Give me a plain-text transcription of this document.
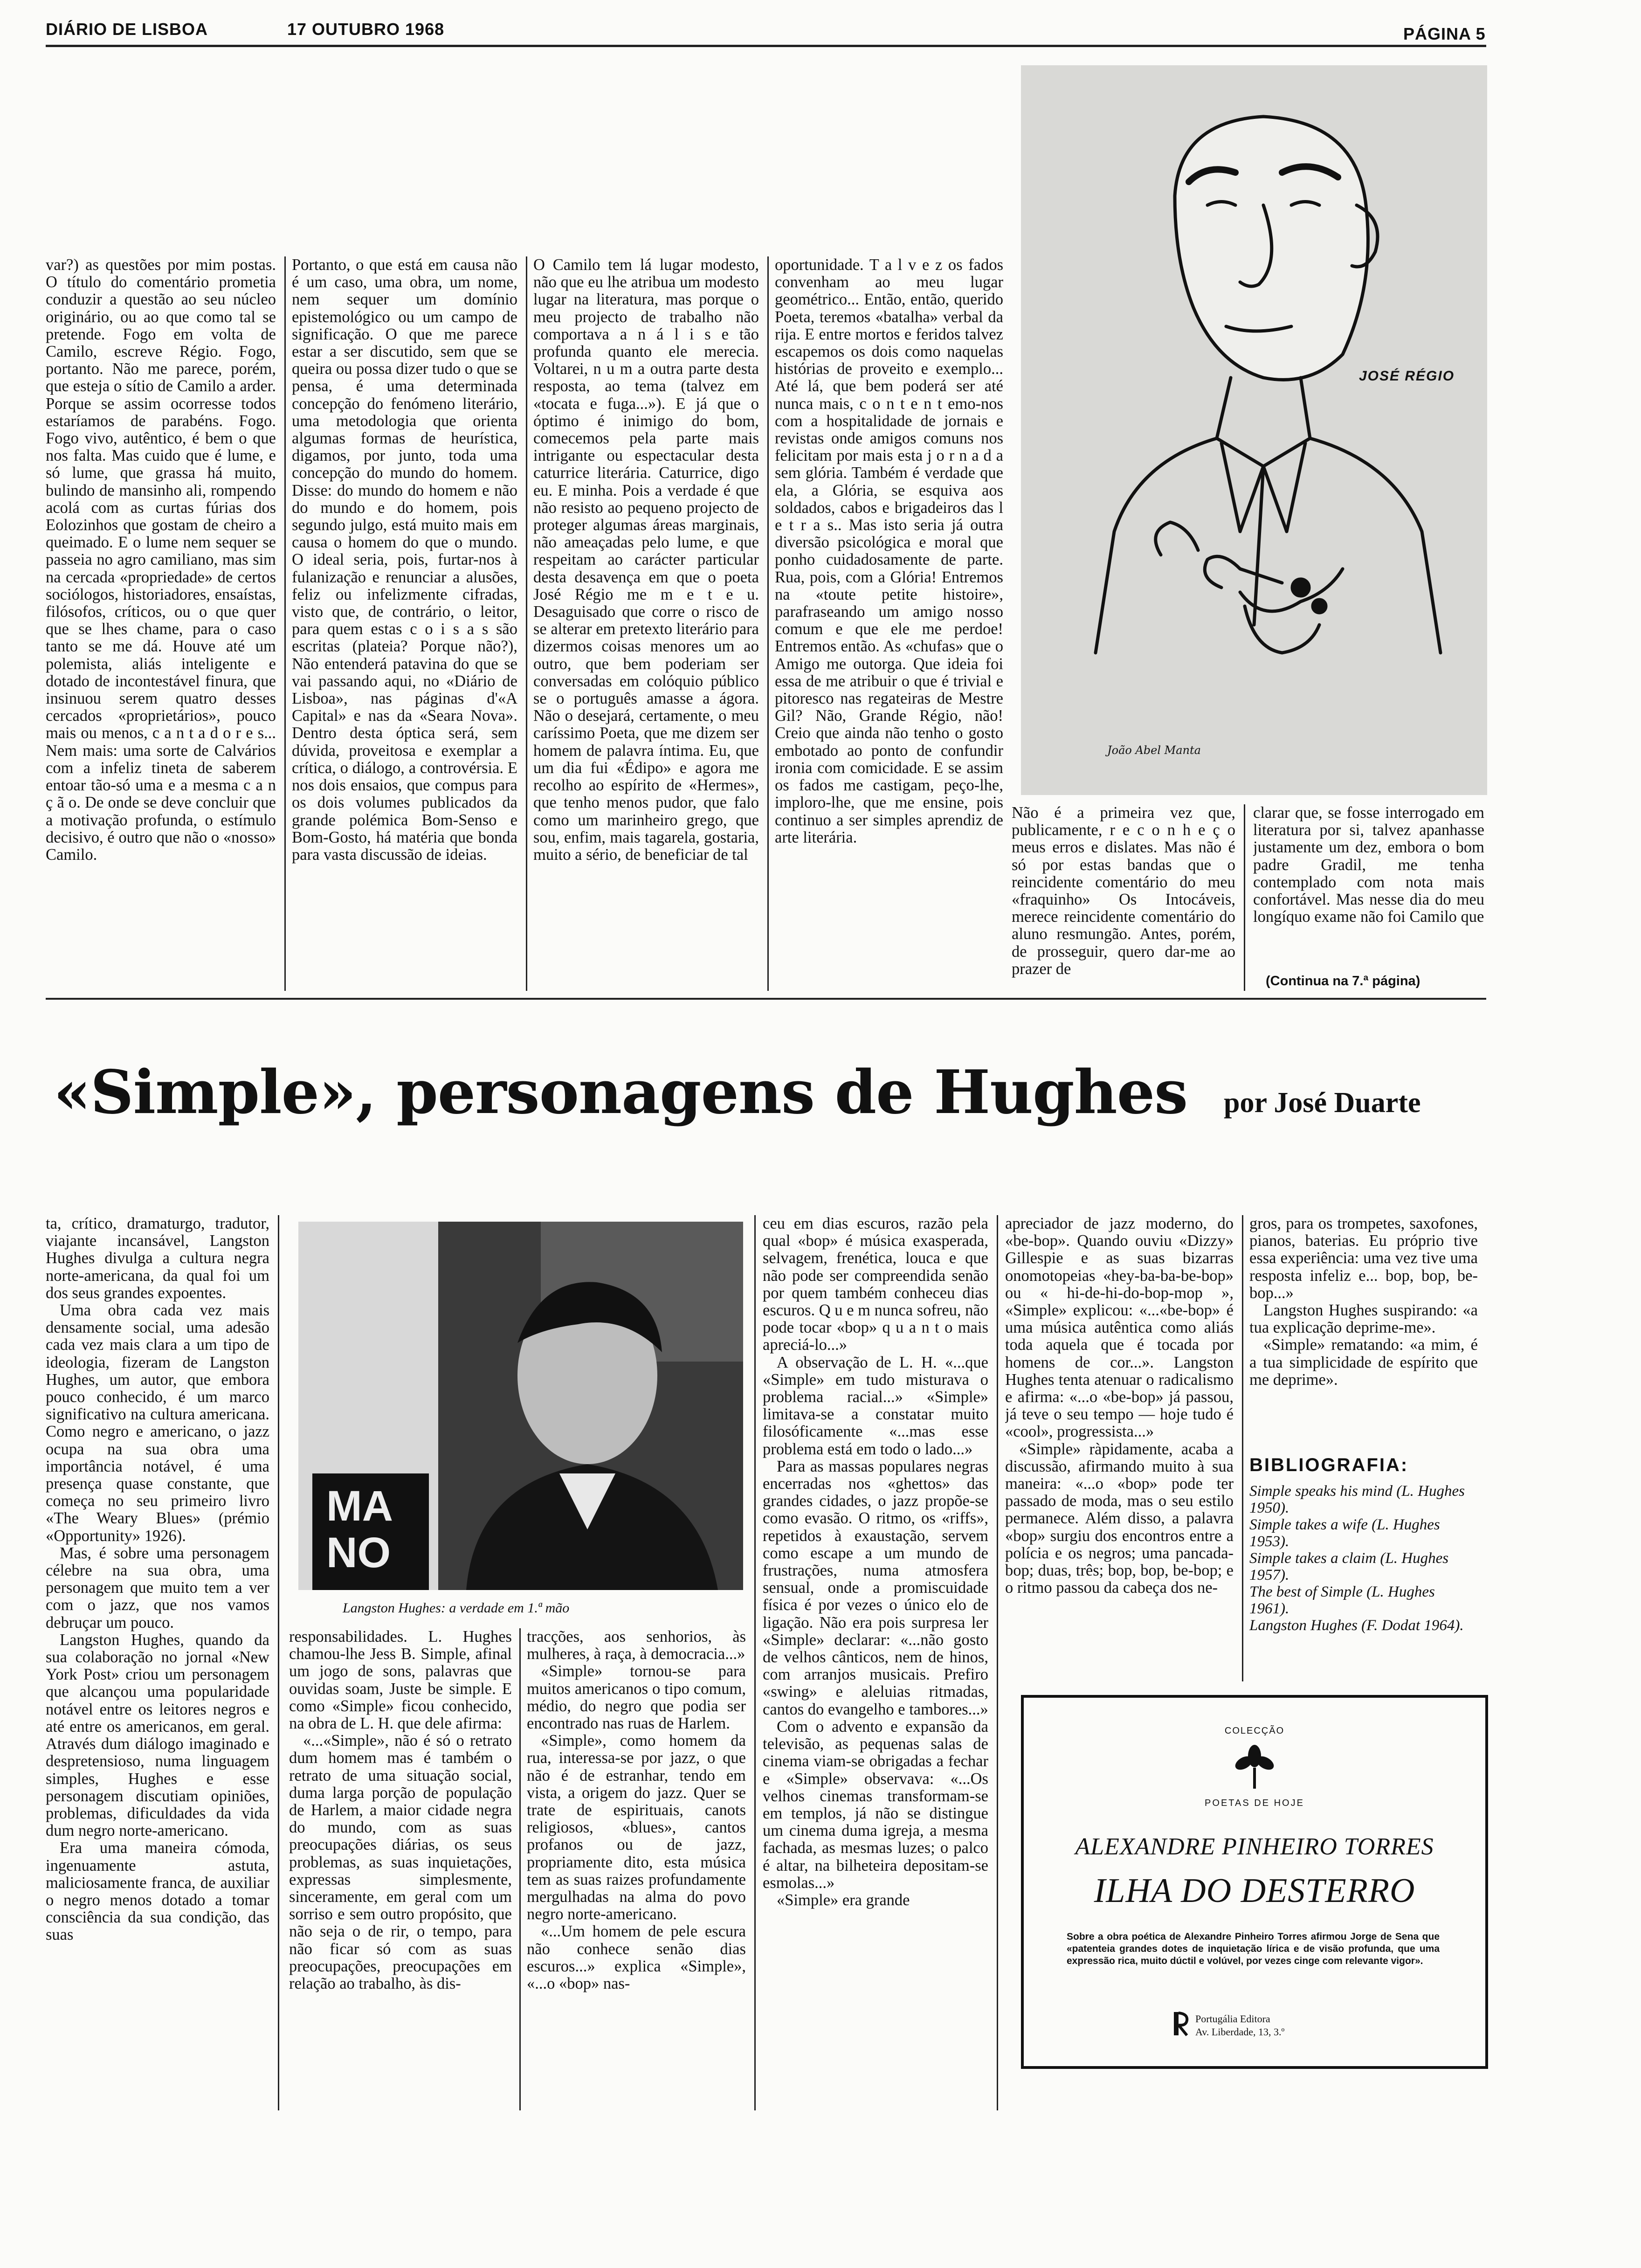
DIÁRIO DE LISBOA	17 OUTUBRO 1968	PÁGINA 5

var?) as questões por mim postas. O título do comentário prometia conduzir a questão ao seu núcleo originário, ou ao que como tal se pretende. Fogo em volta de Camilo, escreve Régio. Fogo, portanto. Não me parece, porém, que esteja o sítio de Camilo a arder. Porque se assim ocorresse todos estaríamos de parabéns. Fogo. Fogo vivo, autêntico, é bem o que nos falta. Mas cuido que é lume, e só lume, que grassa há muito, bulindo de mansinho ali, rompendo acolá com as curtas fúrias dos Eolozinhos que gostam de cheiro a queimado. E o lume nem sequer se passeia no agro camiliano, mas sim na cercada «propriedade» de certos sociólogos, historiadores, ensaístas, filósofos, críticos, ou o que quer que se lhes chame, para o caso tanto se me dá. Houve até um polemista, aliás inteligente e dotado de incontestável finura, que insinuou serem quatro desses cercados «proprietários», pouco mais ou menos, c a n t a d o r e s... Nem mais: uma sorte de Calvários com a infeliz tineta de saberem entoar tão-só uma e a mesma c a n ç ã o. De onde se deve concluir que a motivação profunda, o estímulo decisivo, é outro que não o «nosso» Camilo.

Portanto, o que está em causa não é um caso, uma obra, um nome, nem sequer um domínio epistemológico ou um campo de significação. O que me parece estar a ser discutido, sem que se queira ou possa dizer tudo o que se pensa, é uma determinada concepção do fenómeno literário, uma metodologia que orienta algumas formas de heurística, digamos, por junto, toda uma concepção do mundo do homem. Disse: do mundo do homem e não do mundo e do homem, pois segundo julgo, está muito mais em causa o homem do que o mundo. O ideal seria, pois, furtar-nos à fulanização e renunciar a alusões, feliz ou infelizmente cifradas, visto que, de contrário, o leitor, para quem estas c o i s a s são escritas (plateia? Porque não?), Não entenderá patavina do que se vai passando aqui, no «Diário de Lisboa», nas páginas d'«A Capital» e nas da «Seara Nova». Dentro desta óptica será, sem dúvida, proveitosa e exemplar a crítica, o diálogo, a controvérsia. E nos dois ensaios, que compus para os dois volumes publicados da grande polémica Bom-Senso e Bom-Gosto, há matéria que bonda para vasta discussão de ideias.

O Camilo tem lá lugar modesto, não que eu lhe atribua um modesto lugar na literatura, mas porque o meu projecto de trabalho não comportava a n á l i s e tão profunda quanto ele merecia. Voltarei, n u m a outra parte desta resposta, ao tema (talvez em «tocata e fuga...»). E já que o óptimo é inimigo do bom, comecemos pela parte mais intrigante ou espectacular desta caturrice literária. Caturrice, digo eu. E minha. Pois a verdade é que não resisto ao pequeno projecto de proteger algumas áreas marginais, não ameaçadas pelo lume, e que respeitam ao carácter particular desta desavença em que o poeta José Régio me m e t e u. Desaguisado que corre o risco de se alterar em pretexto literário para dizermos coisas menores um ao outro, que bem poderiam ser conversadas em colóquio público se o português amasse a ágora. Não o desejará, certamente, o meu caríssimo Poeta, que me dizem ser homem de palavra íntima. Eu, que um dia fui «Édipo» e agora me recolho ao espírito de «Hermes», que tenho menos pudor, que falo como um marinheiro grego, que sou, enfim, mais tagarela, gostaria, muito a sério, de beneficiar de tal

oportunidade. T a l v e z os fados convenham ao meu lugar geométrico... Então, então, querido Poeta, teremos «batalha» verbal da rija. E entre mortos e feridos talvez escapemos os dois como naquelas histórias de proveito e exemplo... Até lá, que bem poderá ser até nunca mais, c o n t e n t emo-nos com a hospitalidade de jornais e revistas onde amigos comuns nos felicitam por mais esta j o r n a d a sem glória. Também é verdade que ela, a Glória, se esquiva aos soldados, cabos e brigadeiros das l e t r a s.. Mas isto seria já outra diversão psicológica e moral que ponho cuidadosamente de parte. Rua, pois, com a Glória! Entremos na «toute petite histoire», parafraseando um amigo nosso comum e que ele me perdoe! Entremos então. As «chufas» que o Amigo me outorga. Que ideia foi essa de me atribuir o que é trivial e pitoresco nas regateiras de Mestre Gil? Não, Grande Régio, não! Creio que ainda não tenho o gosto embotado ao ponto de confundir ironia com comicidade. E se assim os fados me castigam, peço-lhe, imploro-lhe, que me ensine, pois continuo a ser simples aprendiz de arte literária.

JOSÉ RÉGIO
João Abel Manta

Não é a primeira vez que, publicamente, r e c o n h e ç o meus erros e dislates. Mas não é só por estas bandas que o reincidente comentário do meu «fraquinho» Os Intocáveis, merece reincidente comentário do aluno resmungão. Antes, porém, de prosseguir, quero dar-me ao prazer de

clarar que, se fosse interrogado em literatura por si, talvez apanhasse justamente um dez, embora o bom padre Gradil, me tenha contemplado com nota mais confortável. Mas nesse dia do meu longíquo exame não foi Camilo que

(Continua na 7.ª página)
«Simple», personagens de Hughes por José Duarte

ta, crítico, dramaturgo, tradutor, viajante incansável, Langston Hughes divulga a cultura negra norte-americana, da qual foi um dos seus grandes expoentes.

Uma obra cada vez mais densamente social, uma adesão cada vez mais clara a um tipo de ideologia, fizeram de Langston Hughes, um autor, que embora pouco conhecido, é um marco significativo na cultura americana. Como negro e americano, o jazz ocupa na sua obra uma importância notável, é uma presença quase constante, que começa no seu primeiro livro «The Weary Blues» (prémio «Opportunity» 1926).

Mas, é sobre uma personagem célebre na sua obra, uma personagem que muito tem a ver com o jazz, que nos vamos debruçar um pouco.

Langston Hughes, quando da sua colaboração no jornal «New York Post» criou um personagem que alcançou uma popularidade notável entre os leitores negros e até entre os americanos, em geral. Através dum diálogo imaginado e despretensioso, numa linguagem simples, Hughes e esse personagem discutiam opiniões, problemas, dificuldades da vida dum negro norte-americano.

Era uma maneira cómoda, ingenuamente astuta, maliciosamente franca, de auxiliar o negro menos dotado a tomar consciência da sua condição, das suas

MA NO
Langston Hughes: a verdade em 1.ª mão

responsabilidades. L. Hughes chamou-lhe Jess B. Simple, afinal um jogo de sons, palavras que ouvidas soam, Juste be simple. E como «Simple» ficou conhecido, na obra de L. H. que dele afirma:

«...«Simple», não é só o retrato dum homem mas é também o retrato de uma situação social, duma larga porção de população de Harlem, a maior cidade negra do mundo, com as suas preocupações diárias, os seus problemas, as suas inquietações, expressas simplesmente, sinceramente, em geral com um sorriso e sem outro propósito, que não seja o de rir, o tempo, para não ficar só com as suas preocupações, preocupações em relação ao trabalho, às dis-

tracções, aos senhorios, às mulheres, à raça, à democracia...»

«Simple» tornou-se para muitos americanos o tipo comum, médio, do negro que podia ser encontrado nas ruas de Harlem.

«Simple», como homem da rua, interessa-se por jazz, o que não é de estranhar, tendo em vista, a origem do jazz. Quer se trate de espirituais, canots religiosos, «blues», cantos profanos ou de jazz, propriamente dito, esta música tem as suas raizes profundamente mergulhadas na alma do povo negro norte-americano.

«...Um homem de pele escura não conhece senão dias escuros...» explica «Simple», «...o «bop» nas-

ceu em dias escuros, razão pela qual «bop» é música exasperada, selvagem, frenética, louca e que não pode ser compreendida senão por quem também conheceu dias escuros. Q u e m nunca sofreu, não pode tocar «bop» q u a n t o mais apreciá-lo...»

A observação de L. H. «...que «Simple» em tudo misturava o problema racial...» «Simple» limitava-se a constatar muito filosóficamente «...mas esse problema está em todo o lado...»

Para as massas populares negras encerradas nos «ghettos» das grandes cidades, o jazz propõe-se como evasão. O ritmo, os «riffs», repetidos à exaustação, servem como escape a um mundo de frustrações, numa atmosfera sensual, onde a promiscuidade física é por vezes o único elo de ligação. Não era pois surpresa ler «Simple» declarar: «...não gosto de velhos cânticos, nem de hinos, com arranjos musicais. Prefiro «swing» e aleluias ritmadas, cantos do evangelho e tambores...»

Com o advento e expansão da televisão, as pequenas salas de cinema viam-se obrigadas a fechar e «Simple» observava: «...Os velhos cinemas transformam-se em templos, já não se distingue um cinema duma igreja, a mesma fachada, as mesmas luzes; o palco é altar, na bilheteira depositam-se esmolas...»

«Simple» era grande

apreciador de jazz moderno, do «be-bop». Quando ouviu «Dizzy» Gillespie e as suas bizarras onomotopeias «hey-ba-ba-be-bop» ou « hi-de-hi-do-bop-mop », «Simple» explicou: «...«be-bop» é uma música autêntica como aliás toda aquela que é tocada por homens de cor...». Langston Hughes tenta atenuar o radicalismo e afirma: «...o «be-bop» já passou, já teve o seu tempo — hoje tudo é «cool», progressista...»

«Simple» ràpidamente, acaba a discussão, afirmando muito à sua maneira: «...o «bop» pode ter passado de moda, mas o seu estilo permanece. Além disso, a palavra «bop» surgiu dos encontros entre a polícia e os negros; uma pancada-bop; duas, três; bop, bop, be-bop; e o ritmo passou da cabeça dos ne-

gros, para os trompetes, saxofones, pianos, baterias. Eu próprio tive essa experiência: uma vez tive uma resposta infeliz e... bop, bop, be-bop...»

Langston Hughes suspirando: «a tua explicação deprime-me».

«Simple» rematando: «a mim, é a tua simplicidade de espírito que me deprime».

BIBLIOGRAFIA:
Simple speaks his mind (L. Hughes 1950).
Simple takes a wife (L. Hughes 1953).
Simple takes a claim (L. Hughes 1957).
The best of Simple (L. Hughes 1961).
Langston Hughes (F. Dodat 1964).
COLECÇÃO
POETAS DE HOJE
ALEXANDRE PINHEIRO TORRES
ILHA DO DESTERRO
Sobre a obra poética de Alexandre Pinheiro Torres afirmou Jorge de Sena que «patenteia grandes dotes de inquietação lírica e de visão profunda, que uma expressão rica, muito dúctil e volúvel, por vezes cinge com relevante vigor».
Portugália Editora
Av. Liberdade, 13, 3.º
